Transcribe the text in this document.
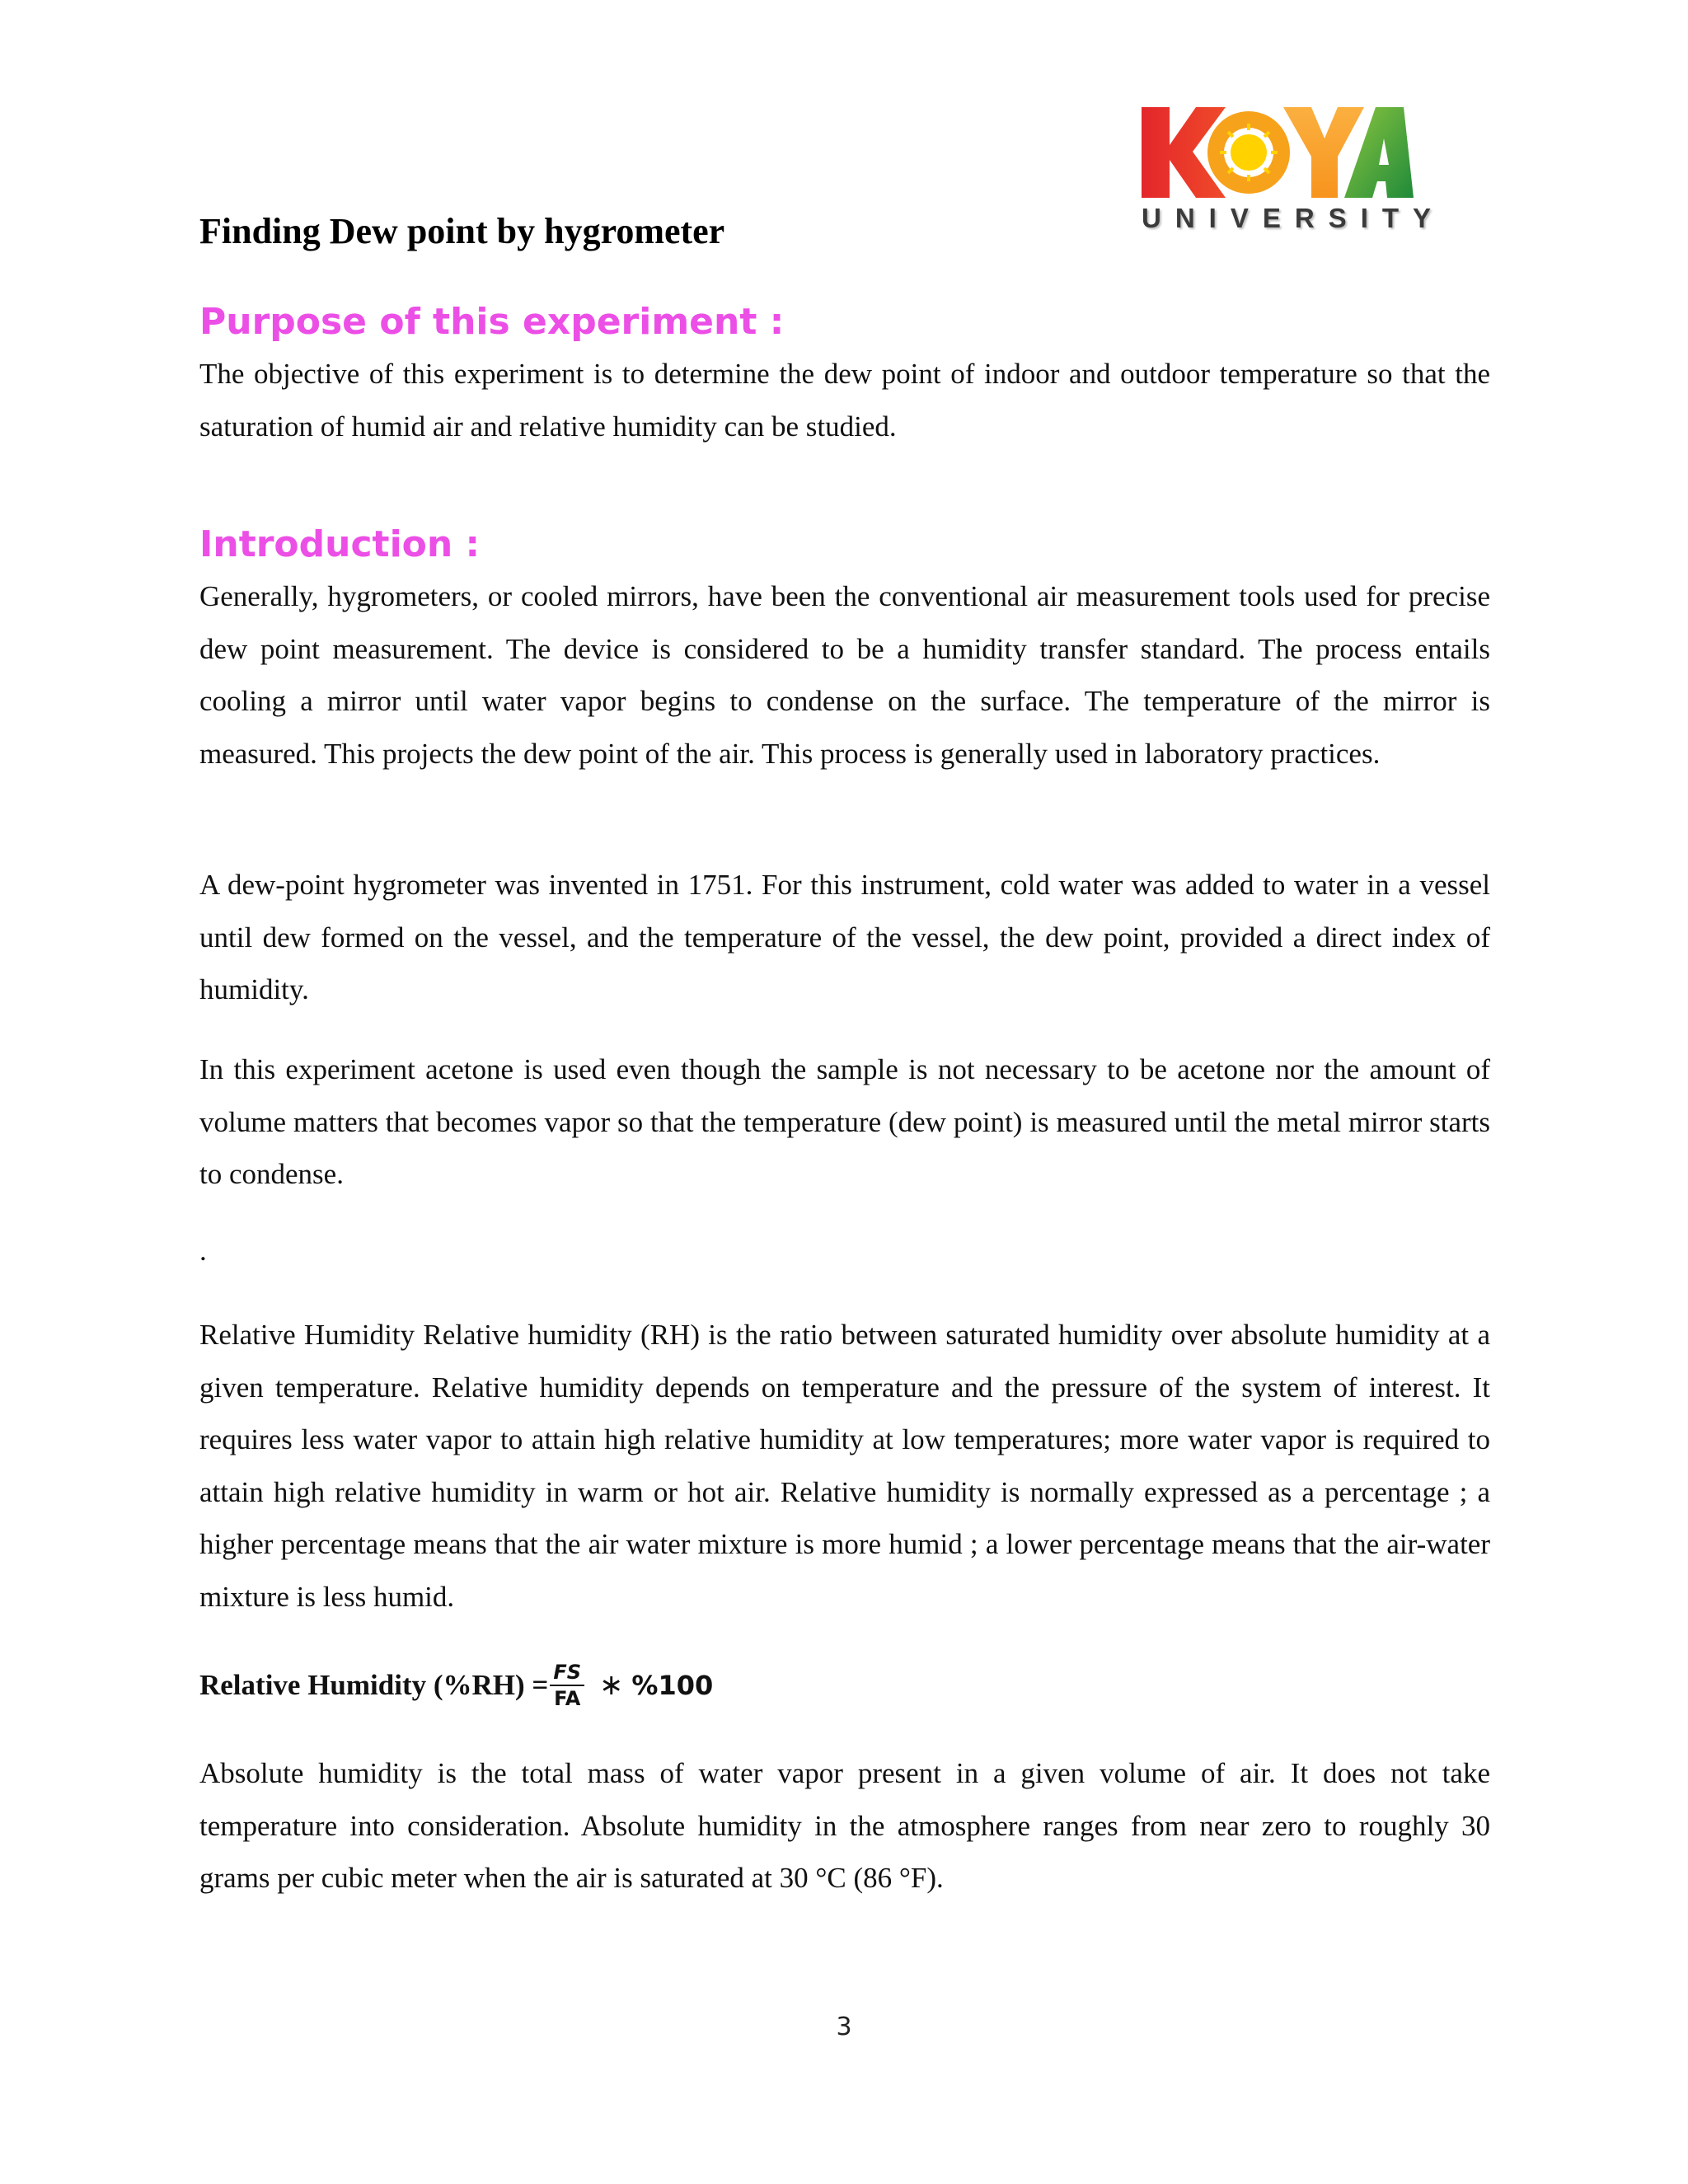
UNIVERSITY
Finding Dew point by hygrometer
Purpose of this experiment :
The objective of this experiment is to determine the dew point of indoor and outdoor temperature so that the saturation of humid air and relative humidity can be studied.
Introduction :
Generally, hygrometers, or cooled mirrors, have been the conventional air measurement tools used for precise dew point measurement. The device is considered to be a humidity transfer standard. The process entails cooling a mirror until water vapor begins to condense on the surface. The temperature of the mirror is measured. This projects the dew point of the air. This process is generally used in laboratory practices.
A dew-point hygrometer was invented in 1751. For this instrument, cold water was added to water in a vessel until dew formed on the vessel, and the temperature of the vessel, the dew point, provided a direct index of humidity.
In this experiment acetone is used even though the sample is not necessary to be acetone nor the amount of volume matters that becomes vapor so that the temperature (dew point) is measured until the metal mirror starts to condense.
.
Relative Humidity Relative humidity (RH) is the ratio between saturated humidity over absolute humidity at a given temperature. Relative humidity depends on temperature and the pressure of the system of interest. It requires less water vapor to attain high relative humidity at low temperatures; more water vapor is required to attain high relative humidity in warm or hot air. Relative humidity is normally expressed as a percentage ; a higher percentage means that the air water mixture is more humid ; a lower percentage means that the air-water mixture is less humid.
Relative Humidity $(\%RH) = \frac{FS}{FA}$ ∗ %100
Absolute humidity is the total mass of water vapor present in a given volume of air. It does not take temperature into consideration. Absolute humidity in the atmosphere ranges from near zero to roughly 30 grams per cubic meter when the air is saturated at 30 °C (86 °F).
3
